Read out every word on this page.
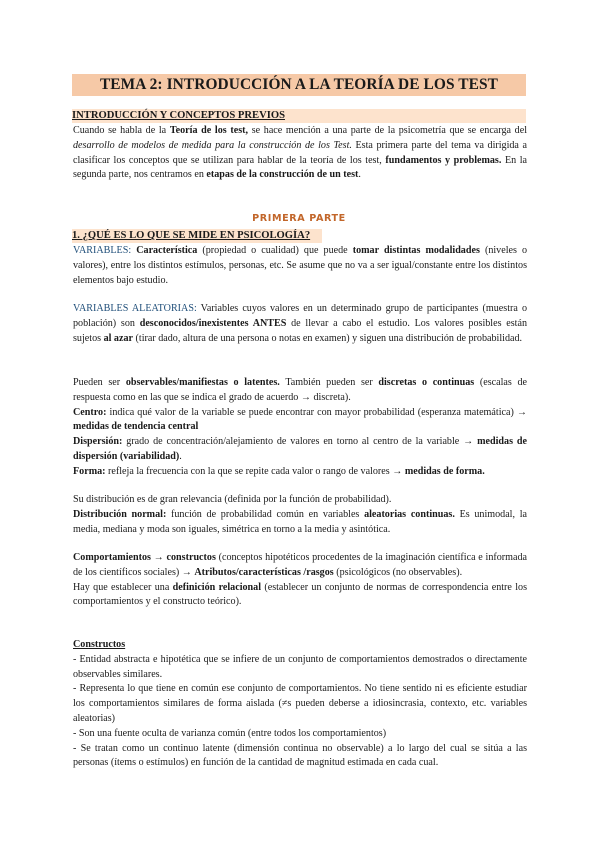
TEMA 2: INTRODUCCIÓN A LA TEORÍA DE LOS TEST
INTRODUCCIÓN Y CONCEPTOS PREVIOS

Cuando se habla de la Teoría de los test, se hace mención a una parte de la psicometría que se encarga del desarrollo de modelos de medida para la construcción de los Test. Esta primera parte del tema va dirigida a clasificar los conceptos que se utilizan para hablar de la teoría de los test, fundamentos y problemas. En la segunda parte, nos centramos en etapas de la construcción de un test.

PRIMERA PARTE
1. ¿QUÉ ES LO QUE SE MIDE EN PSICOLOGÍA?

VARIABLES: Característica (propiedad o cualidad) que puede tomar distintas modalidades (niveles o valores), entre los distintos estímulos, personas, etc. Se asume que no va a ser igual/constante entre los distintos elementos bajo estudio.

VARIABLES ALEATORIAS: Variables cuyos valores en un determinado grupo de participantes (muestra o población) son desconocidos/inexistentes ANTES de llevar a cabo el estudio. Los valores posibles están sujetos al azar (tirar dado, altura de una persona o notas en examen) y siguen una distribución de probabilidad.

Pueden ser observables/manifiestas o latentes. También pueden ser discretas o continuas (escalas de respuesta como en las que se indica el grado de acuerdo → discreta).

Centro: indica qué valor de la variable se puede encontrar con mayor probabilidad (esperanza matemática) → medidas de tendencia central

Dispersión: grado de concentración/alejamiento de valores en torno al centro de la variable → medidas de dispersión (variabilidad).

Forma: refleja la frecuencia con la que se repite cada valor o rango de valores → medidas de forma.

Su distribución es de gran relevancia (definida por la función de probabilidad).

Distribución normal: función de probabilidad común en variables aleatorias continuas. Es unimodal, la media, mediana y moda son iguales, simétrica en torno a la media y asintótica.

Comportamientos → constructos (conceptos hipotéticos procedentes de la imaginación científica e informada de los científicos sociales) → Atributos/características /rasgos (psicológicos (no observables).

Hay que establecer una definición relacional (establecer un conjunto de normas de correspondencia entre los comportamientos y el constructo teórico).

Constructos

- Entidad abstracta e hipotética que se infiere de un conjunto de comportamientos demostrados o directamente observables similares.

- Representa lo que tiene en común ese conjunto de comportamientos. No tiene sentido ni es eficiente estudiar los comportamientos similares de forma aislada (≠s pueden deberse a idiosincrasia, contexto, etc. variables aleatorias)

- Son una fuente oculta de varianza común (entre todos los comportamientos)

- Se tratan como un continuo latente (dimensión continua no observable) a lo largo del cual se sitúa a las personas (ítems o estímulos) en función de la cantidad de magnitud estimada en cada cual.
